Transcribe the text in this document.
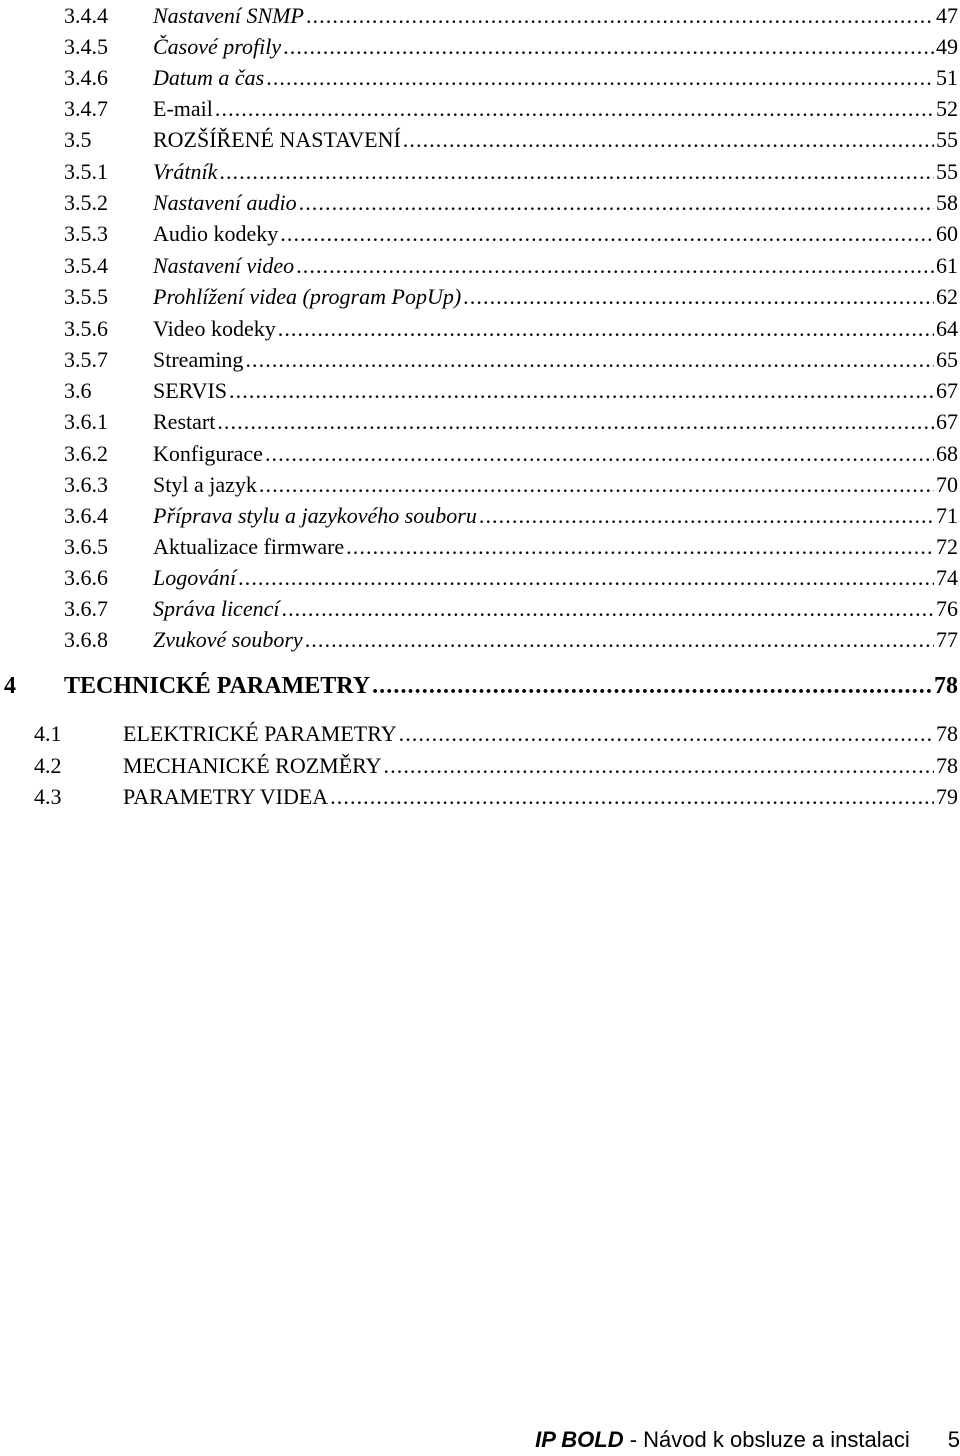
3.4.4	Nastavení SNMP .....	47
3.4.5	Časové profily .....	49
3.4.6	Datum a čas .....	51
3.4.7	E-mail .....	52
3.5	ROZŠÍŘENÉ NASTAVENÍ .....	55
3.5.1	Vrátník .....	55
3.5.2	Nastavení audio .....	58
3.5.3	Audio kodeky .....	60
3.5.4	Nastavení video .....	61
3.5.5	Prohlížení videa (program PopUp) .....	62
3.5.6	Video kodeky .....	64
3.5.7	Streaming .....	65
3.6	SERVIS .....	67
3.6.1	Restart .....	67
3.6.2	Konfigurace .....	68
3.6.3	Styl a jazyk .....	70
3.6.4	Příprava stylu a jazykového souboru .....	71
3.6.5	Aktualizace firmware .....	72
3.6.6	Logování .....	74
3.6.7	Správa licencí .....	76
3.6.8	Zvukové soubory .....	77
4	TECHNICKÉ PARAMETRY .....	78
4.1	ELEKTRICKÉ PARAMETRY .....	78
4.2	MECHANICKÉ ROZMĚRY .....	78
4.3	PARAMETRY VIDEA .....	79
IP BOLD - Návod k obsluze a instalaci 5
